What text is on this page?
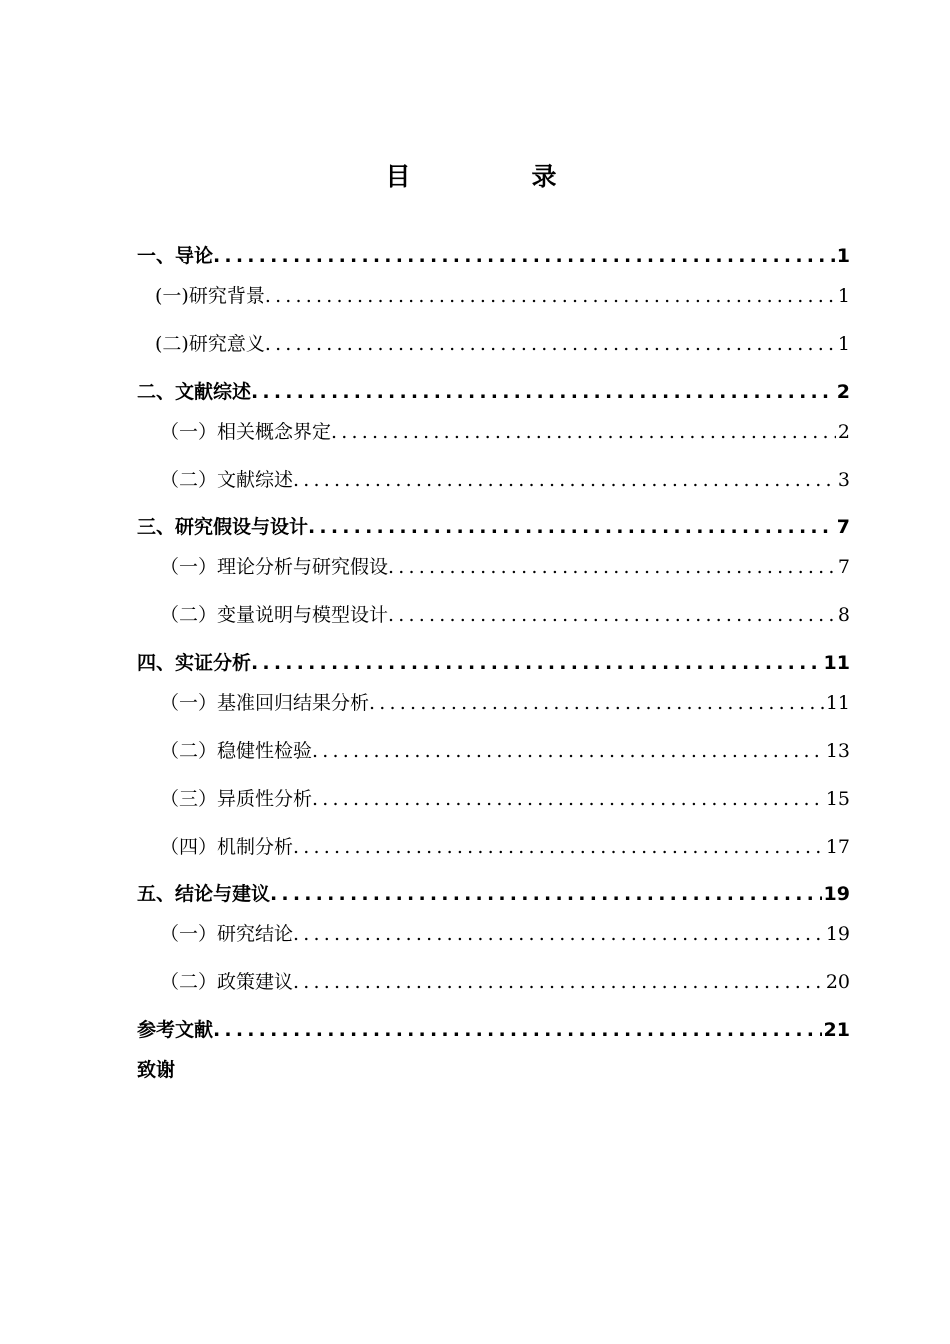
目　录
一、导论 .....	1
(一)研究背景 .....	1
(二)研究意义 .....	1
二、文献综述 .....	2
（一）相关概念界定 .....	2
（二）文献综述 .....	3
三、研究假设与设计 .....	7
（一）理论分析与研究假设 .....	7
（二）变量说明与模型设计 .....	8
四、实证分析 .....	11
（一）基准回归结果分析 .....	11
（二）稳健性检验 .....	13
（三）异质性分析 .....	15
（四）机制分析 .....	17
五、结论与建议 .....	19
（一）研究结论 .....	19
（二）政策建议 .....	20
参考文献 .....	21
致谢
